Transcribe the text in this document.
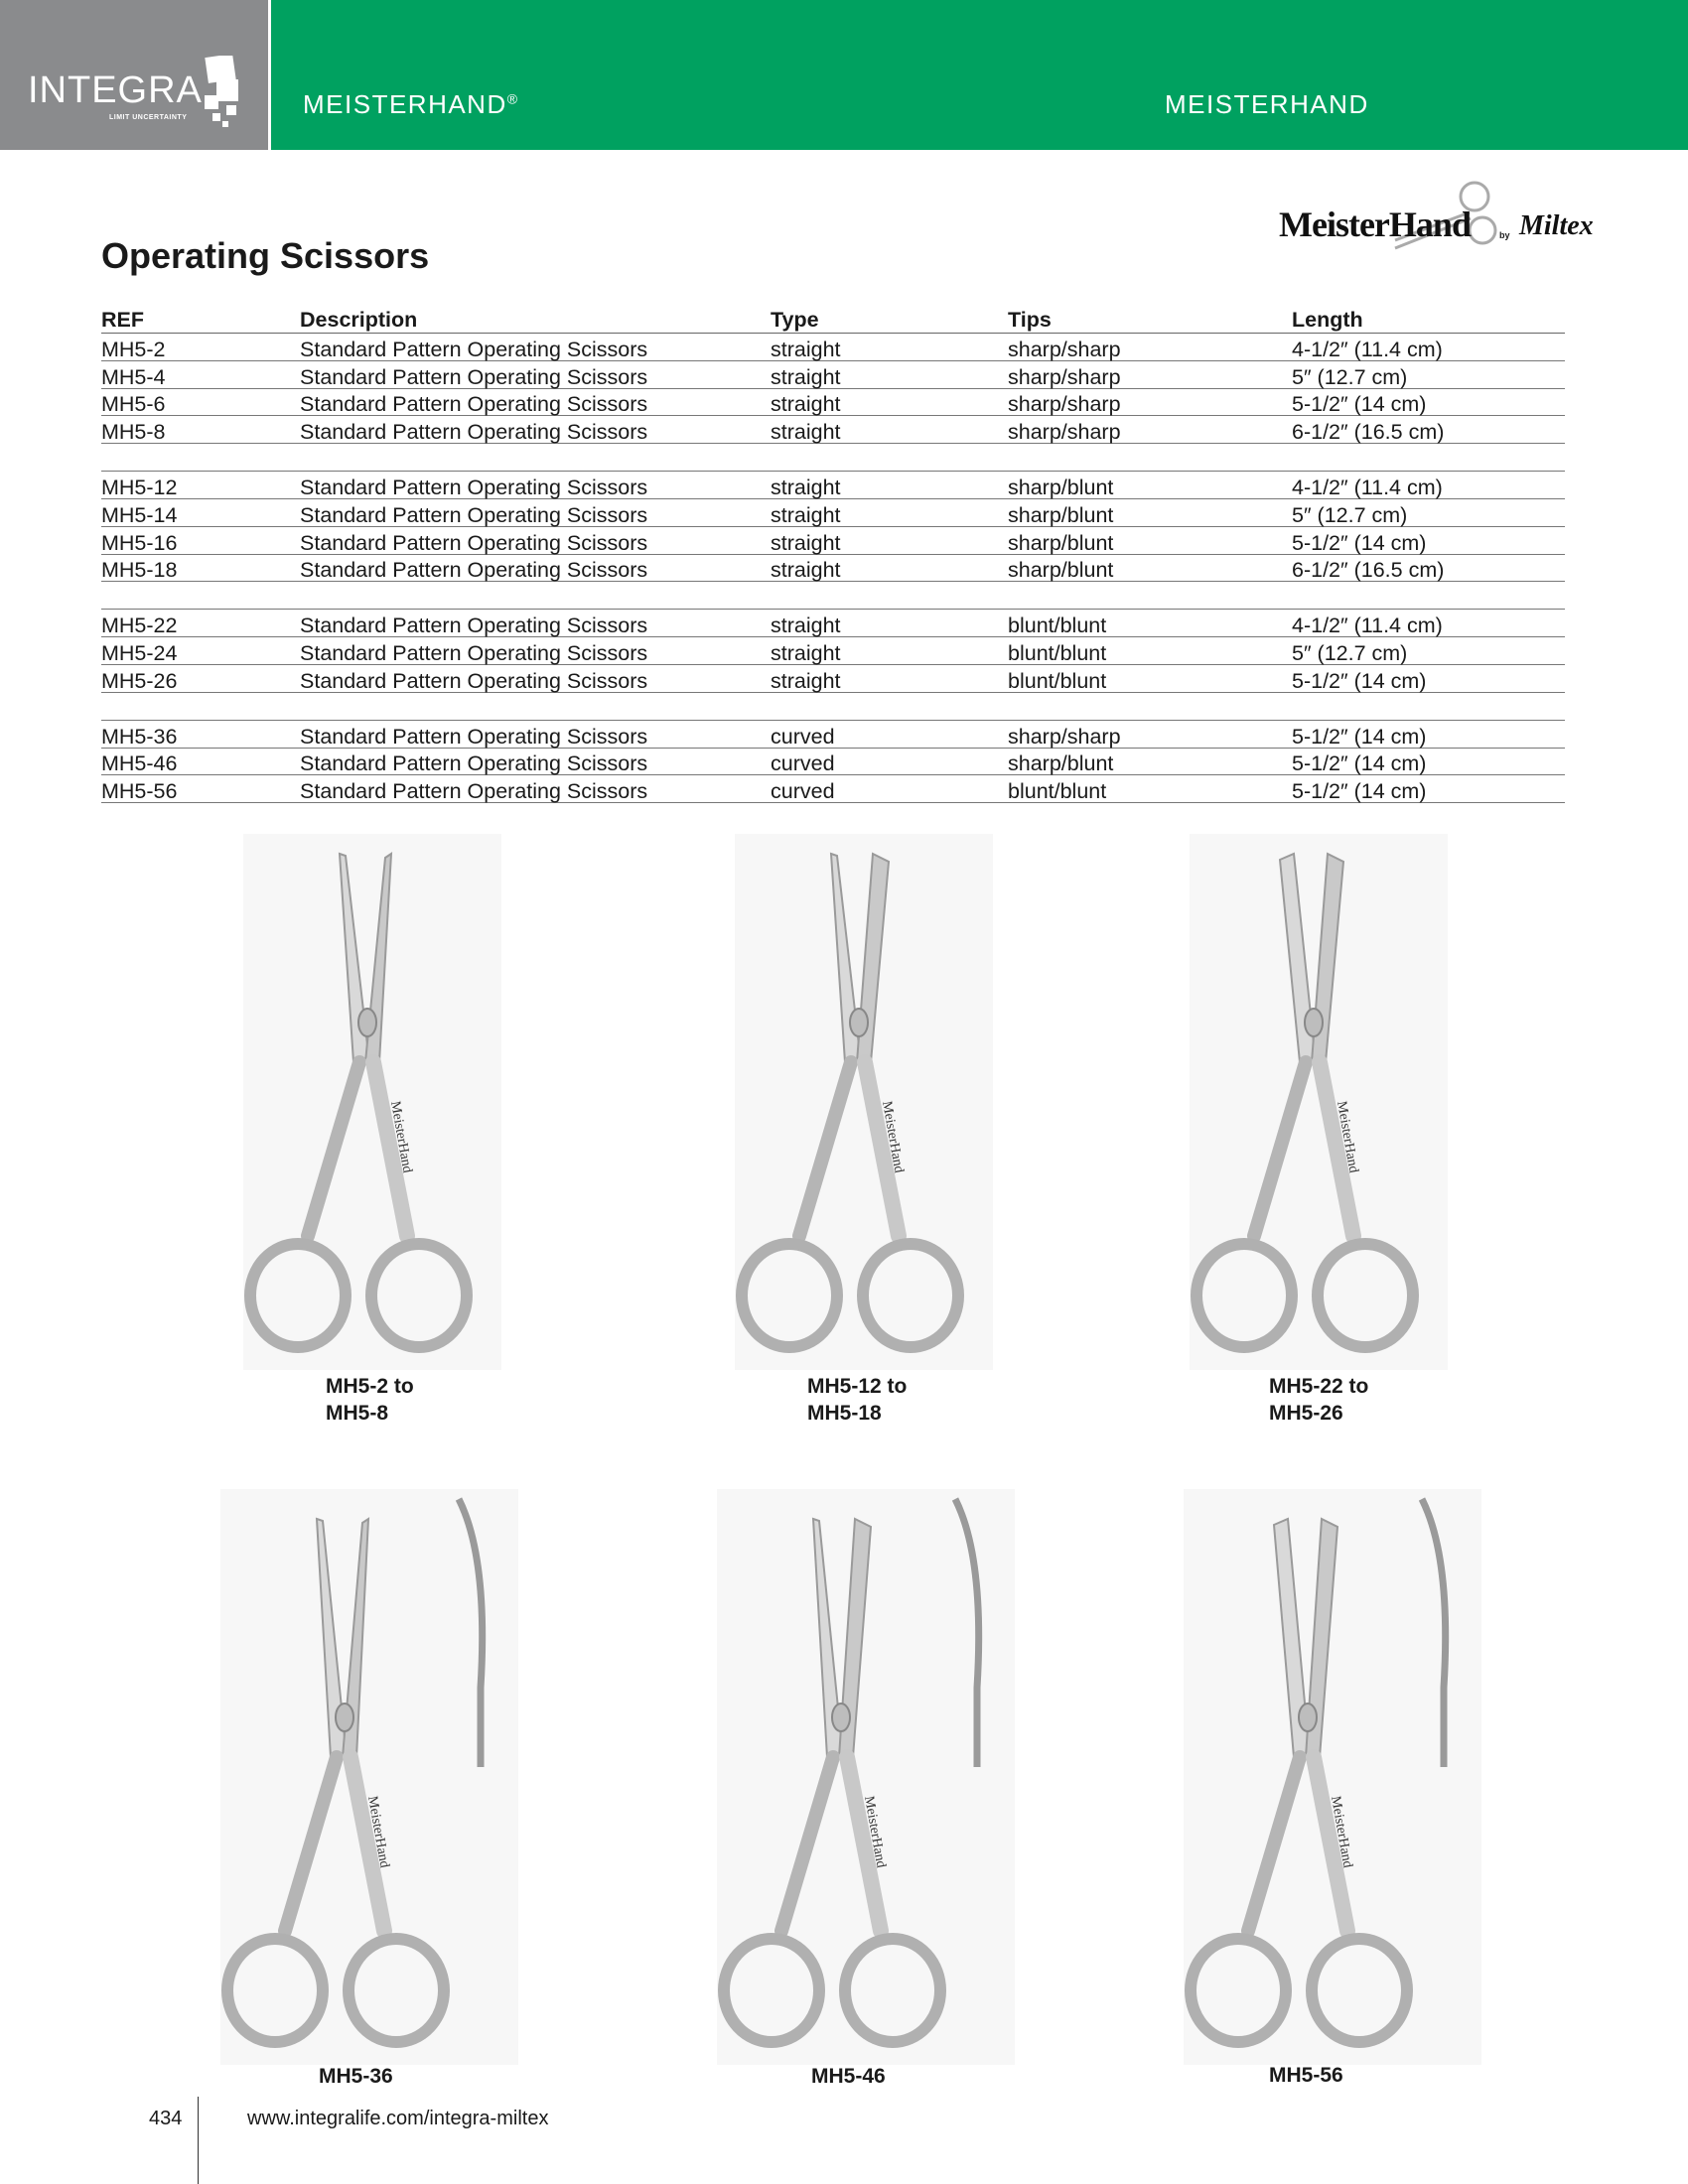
INTEGRA
LIMIT UNCERTAINTY	MEISTERHAND®	MEISTERHAND
MeisterHand	by Miltex
Operating Scissors
REF	Description	Type	Tips	Length
MH5-2	Standard Pattern Operating Scissors	straight	sharp/sharp	4-1/2″ (11.4 cm)
MH5-4	Standard Pattern Operating Scissors	straight	sharp/sharp	5″ (12.7 cm)
MH5-6	Standard Pattern Operating Scissors	straight	sharp/sharp	5-1/2″ (14 cm)
MH5-8	Standard Pattern Operating Scissors	straight	sharp/sharp	6-1/2″ (16.5 cm)

MH5-12	Standard Pattern Operating Scissors	straight	sharp/blunt	4-1/2″ (11.4 cm)
MH5-14	Standard Pattern Operating Scissors	straight	sharp/blunt	5″ (12.7 cm)
MH5-16	Standard Pattern Operating Scissors	straight	sharp/blunt	5-1/2″ (14 cm)
MH5-18	Standard Pattern Operating Scissors	straight	sharp/blunt	6-1/2″ (16.5 cm)

MH5-22	Standard Pattern Operating Scissors	straight	blunt/blunt	4-1/2″ (11.4 cm)
MH5-24	Standard Pattern Operating Scissors	straight	blunt/blunt	5″ (12.7 cm)
MH5-26	Standard Pattern Operating Scissors	straight	blunt/blunt	5-1/2″ (14 cm)

MH5-36	Standard Pattern Operating Scissors	curved	sharp/sharp	5-1/2″ (14 cm)
MH5-46	Standard Pattern Operating Scissors	curved	sharp/blunt	5-1/2″ (14 cm)
MH5-56	Standard Pattern Operating Scissors	curved	blunt/blunt	5-1/2″ (14 cm)
MeisterHand	MeisterHand	MeisterHand
MeisterHand	MeisterHand	MeisterHand
MH5-2 to
MH5-8
MH5-12 to
MH5-18
MH5-22 to
MH5-26
MH5-36	MH5-46	MH5-56
434	www.integralife.com/integra-miltex
